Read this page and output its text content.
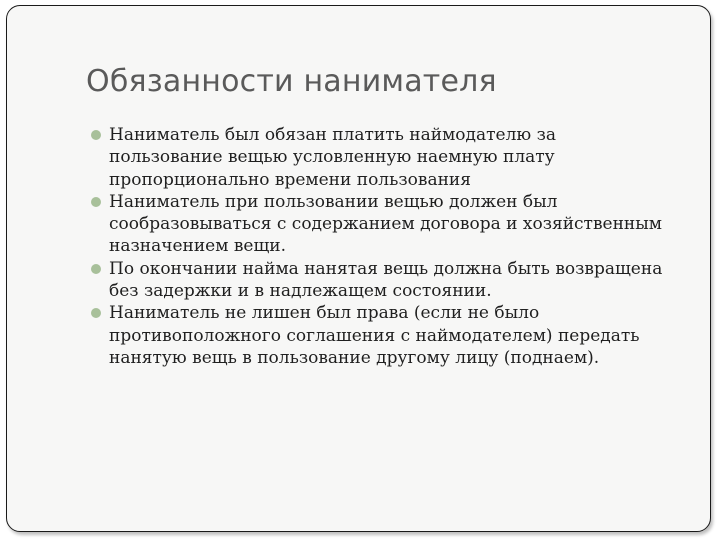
Обязанности нанимателя
Наниматель был обязан платить наймодателю за пользование вещью условленную наемную плату пропорционально времени пользования
Наниматель при пользовании вещью должен был сообразовываться с содержанием договора и хозяйственным назначением вещи.
По окончании найма нанятая вещь должна быть возвращена без задержки и в надлежащем состоянии.
Наниматель не лишен был права (если не было противоположного соглашения с наймодателем) передать нанятую вещь в пользование другому лицу (поднаем).
